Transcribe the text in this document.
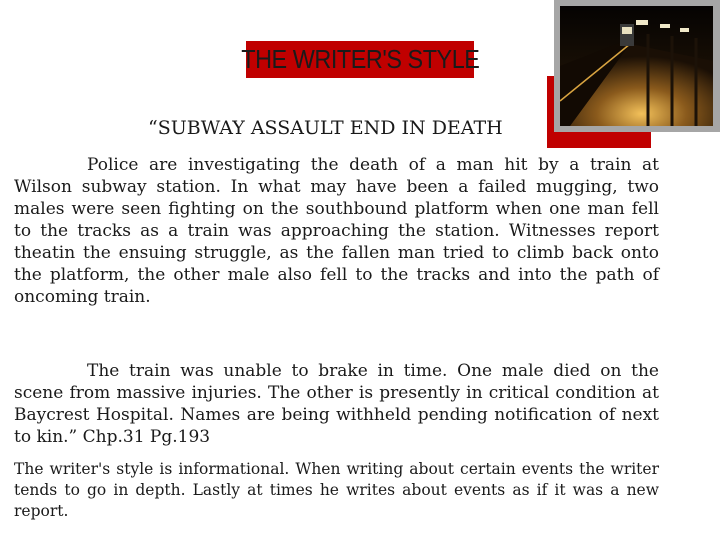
THE WRITER'S STYLE
“SUBWAY ASSAULT END IN DEATH

Police are investigating the death of a man hit by a train at Wilson subway station. In what may have been a failed mugging, two males were seen fighting on the southbound platform when one man fell to the tracks as a train was approaching the station. Witnesses report theatin the ensuing struggle, as the fallen man tried to climb back onto the platform, the other male also fell to the tracks and into the path of oncoming train.

The train was unable to brake in time. One male died on the scene from massive injuries. The other is presently in critical condition at Baycrest Hospital. Names are being withheld pending notification of next to kin.” Chp.31 Pg.193

The writer's style is informational. When writing about certain events the writer tends to go in depth. Lastly at times he writes about events as if it was a new report.
